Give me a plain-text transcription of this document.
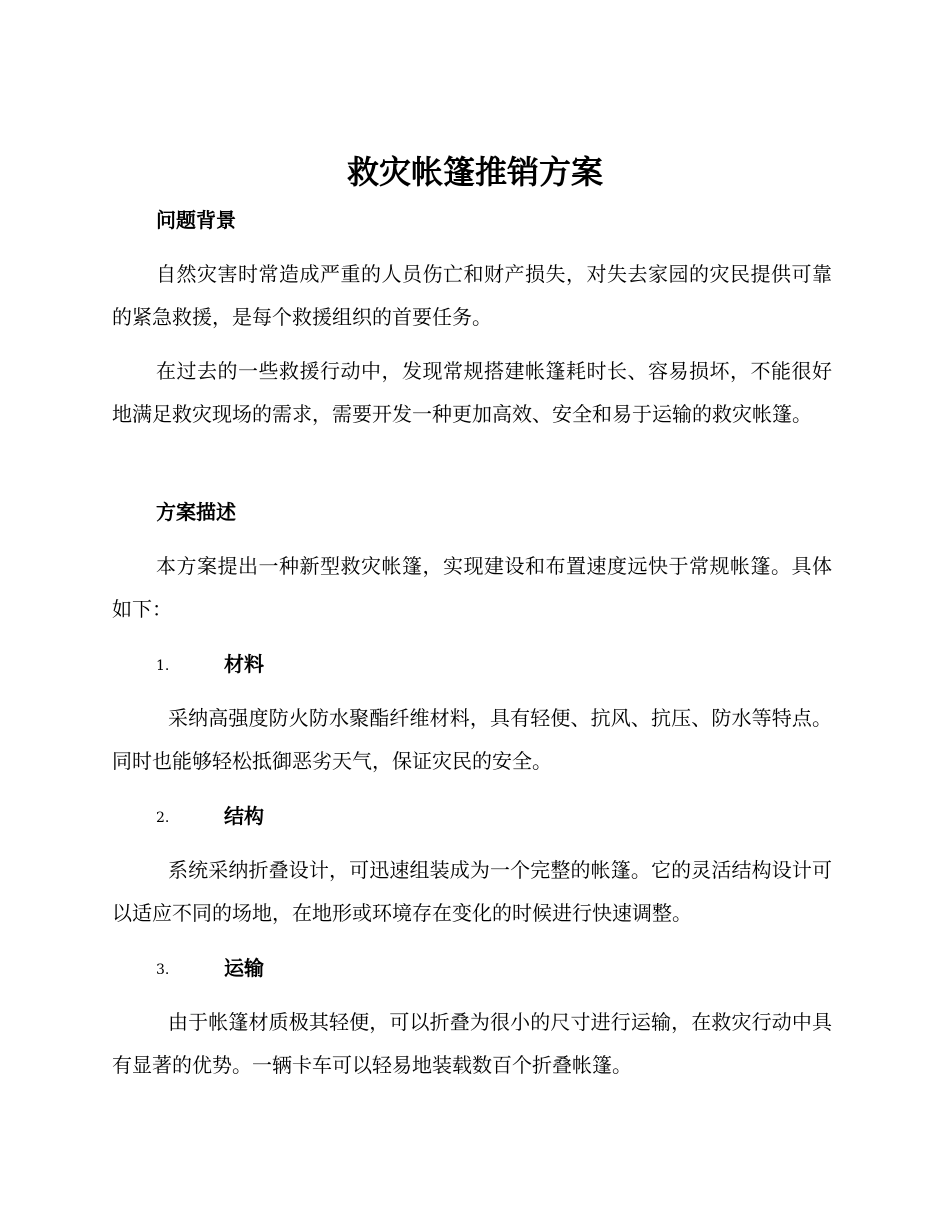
救灾帐篷推销方案
问题背景

自然灾害时常造成严重的人员伤亡和财产损失，对失去家园的灾民提供可靠的紧急救援，是每个救援组织的首要任务。

在过去的一些救援行动中，发现常规搭建帐篷耗时长、容易损坏，不能很好地满足救灾现场的需求，需要开发一种更加高效、安全和易于运输的救灾帐篷。

方案描述

本方案提出一种新型救灾帐篷，实现建设和布置速度远快于常规帐篷。具体如下：

1.	材料

采纳高强度防火防水聚酯纤维材料，具有轻便、抗风、抗压、防水等特点。同时也能够轻松抵御恶劣天气，保证灾民的安全。

2.	结构

系统采纳折叠设计，可迅速组装成为一个完整的帐篷。它的灵活结构设计可以适应不同的场地，在地形或环境存在变化的时候进行快速调整。

3.	运输

由于帐篷材质极其轻便，可以折叠为很小的尺寸进行运输，在救灾行动中具有显著的优势。一辆卡车可以轻易地装载数百个折叠帐篷。
